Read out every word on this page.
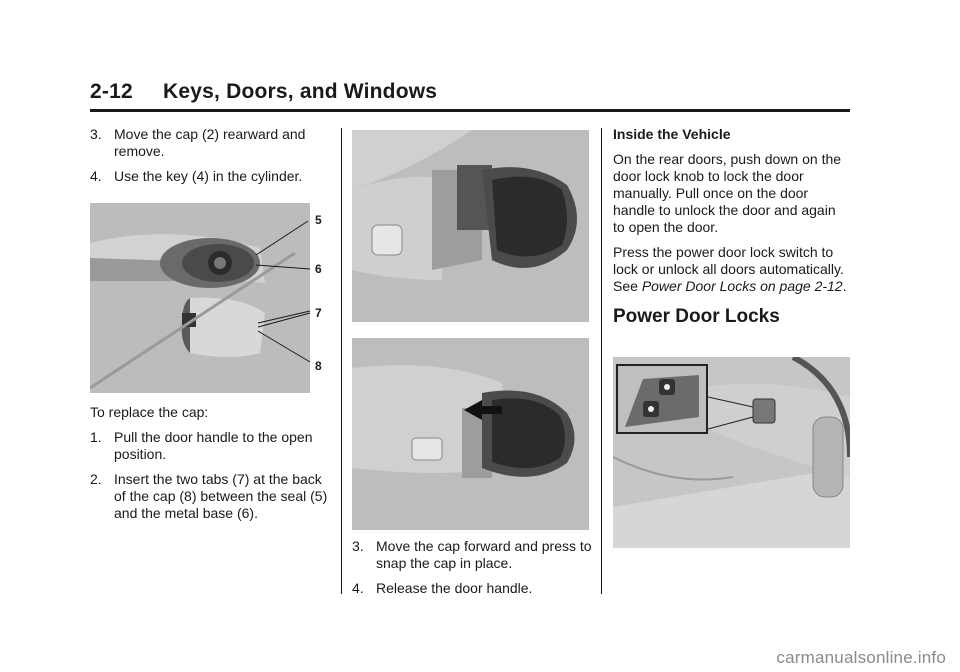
2-12     Keys, Doors, and Windows
3. Move the cap (2) rearward and remove.
4. Use the key (4) in the cylinder.
5
6
7
8

To replace the cap:

1. Pull the door handle to the open position.
2. Insert the two tabs (7) at the back of the cap (8) between the seal (5) and the metal base (6).
3. Move the cap forward and press to snap the cap in place.
4. Release the door handle.

Inside the Vehicle

On the rear doors, push down on the door lock knob to lock the door manually. Pull once on the door handle to unlock the door and again to open the door.

Press the power door lock switch to lock or unlock all doors automatically. See Power Door Locks on page 2-12.

Power Door Locks
carmanualsonline.info
